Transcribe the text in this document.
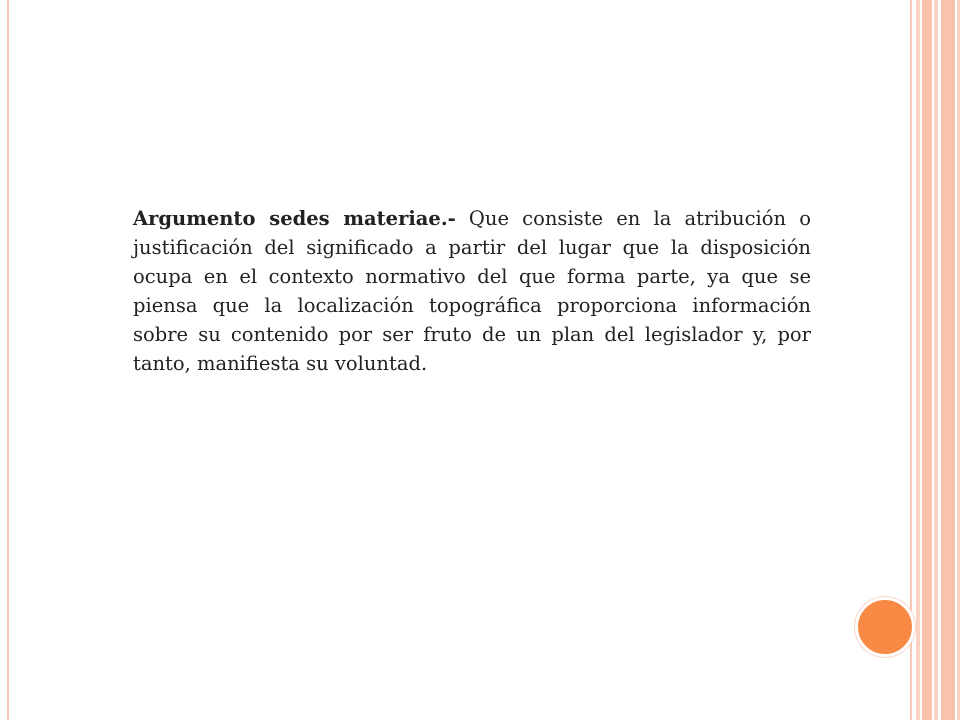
Argumento sedes materiae.- Que consiste en la atribución o justificación del significado a partir del lugar que la disposición ocupa en el contexto normativo del que forma parte, ya que se piensa que la localización topográfica proporciona información sobre su contenido por ser fruto de un plan del legislador y, por tanto, manifiesta su voluntad.
